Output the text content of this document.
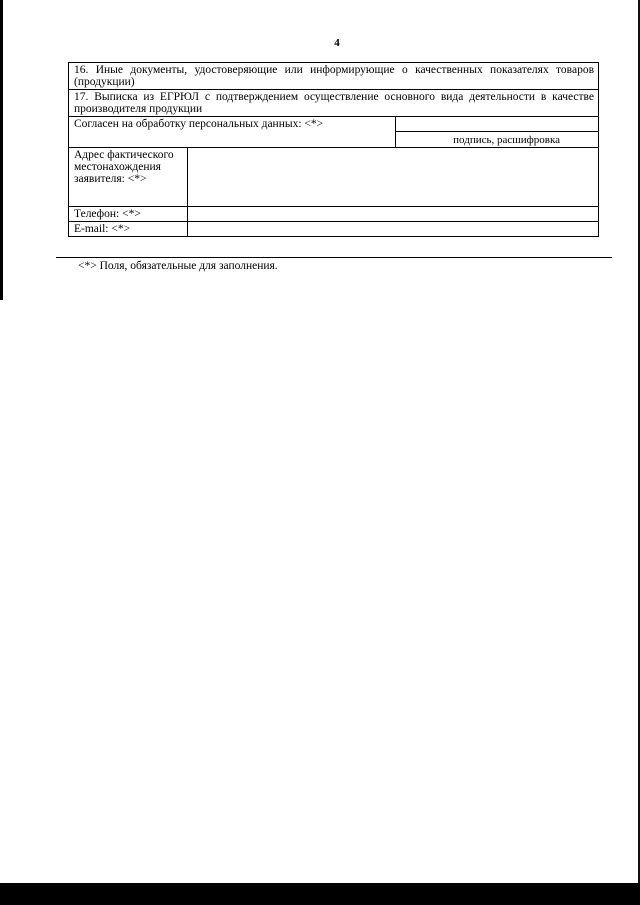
4

16. Иные документы, удостоверяющие или информирующие о качественных показателях товаров (продукции)

17. Выписка из ЕГРЮЛ с подтверждением осуществление основного вида деятельности в качестве производителя продукции

Согласен на обработку персональных данных: <*>
подпись, расшифровка
Адрес фактического местонахождения заявителя: <*>
Телефон: <*>
E-mail: <*>
<*> Поля, обязательные для заполнения.
